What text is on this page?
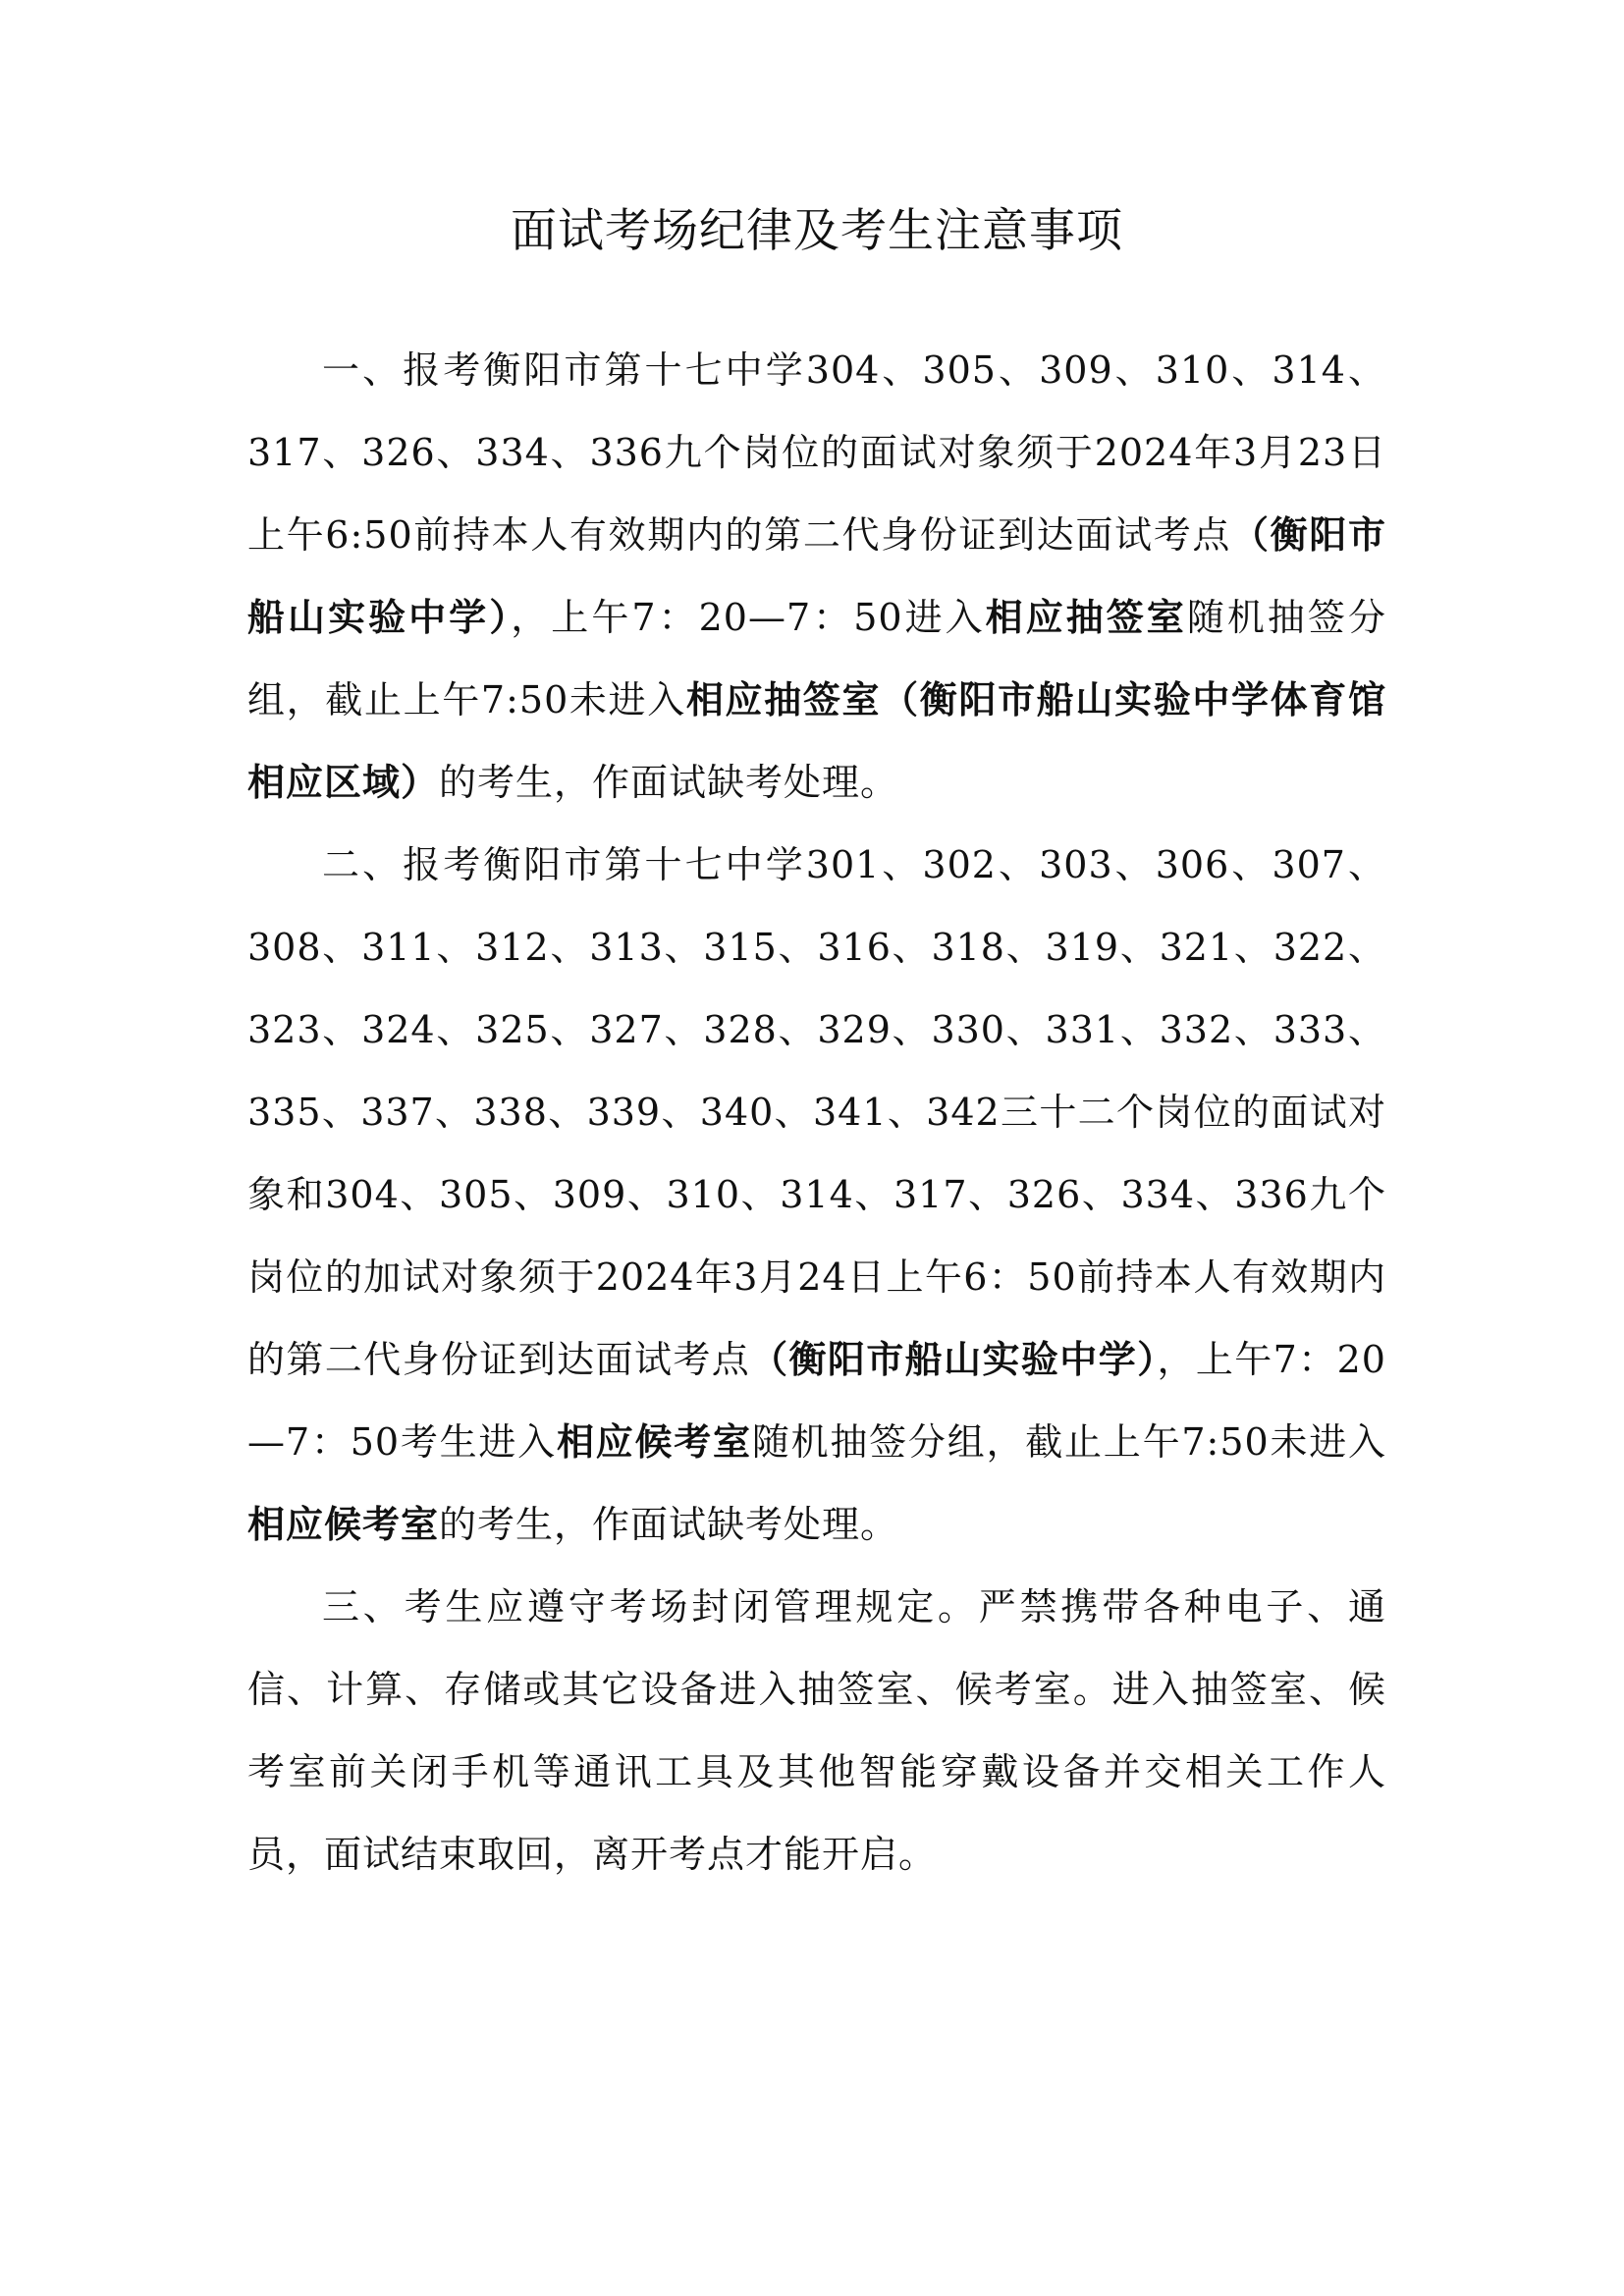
面试考场纪律及考生注意事项

一、报考衡阳市第十七中学304、305、309、310、314、317、326、334、336九个岗位的面试对象须于2024年3月23日上午6:50前持本人有效期内的第二代身份证到达面试考点（衡阳市船山实验中学），上午7：20—7：50进入相应抽签室随机抽签分组，截止上午7:50未进入相应抽签室（衡阳市船山实验中学体育馆相应区域）的考生，作面试缺考处理。

二、报考衡阳市第十七中学301、302、303、306、307、308、311、312、313、315、316、318、319、321、322、323、324、325、327、328、329、330、331、332、333、335、337、338、339、340、341、342三十二个岗位的面试对象和304、305、309、310、314、317、326、334、336九个岗位的加试对象须于2024年3月24日上午6：50前持本人有效期内的第二代身份证到达面试考点（衡阳市船山实验中学），上午7：20—7：50考生进入相应候考室随机抽签分组，截止上午7:50未进入相应候考室的考生，作面试缺考处理。

三、考生应遵守考场封闭管理规定。严禁携带各种电子、通信、计算、存储或其它设备进入抽签室、候考室。进入抽签室、候考室前关闭手机等通讯工具及其他智能穿戴设备并交相关工作人员，面试结束取回，离开考点才能开启。
